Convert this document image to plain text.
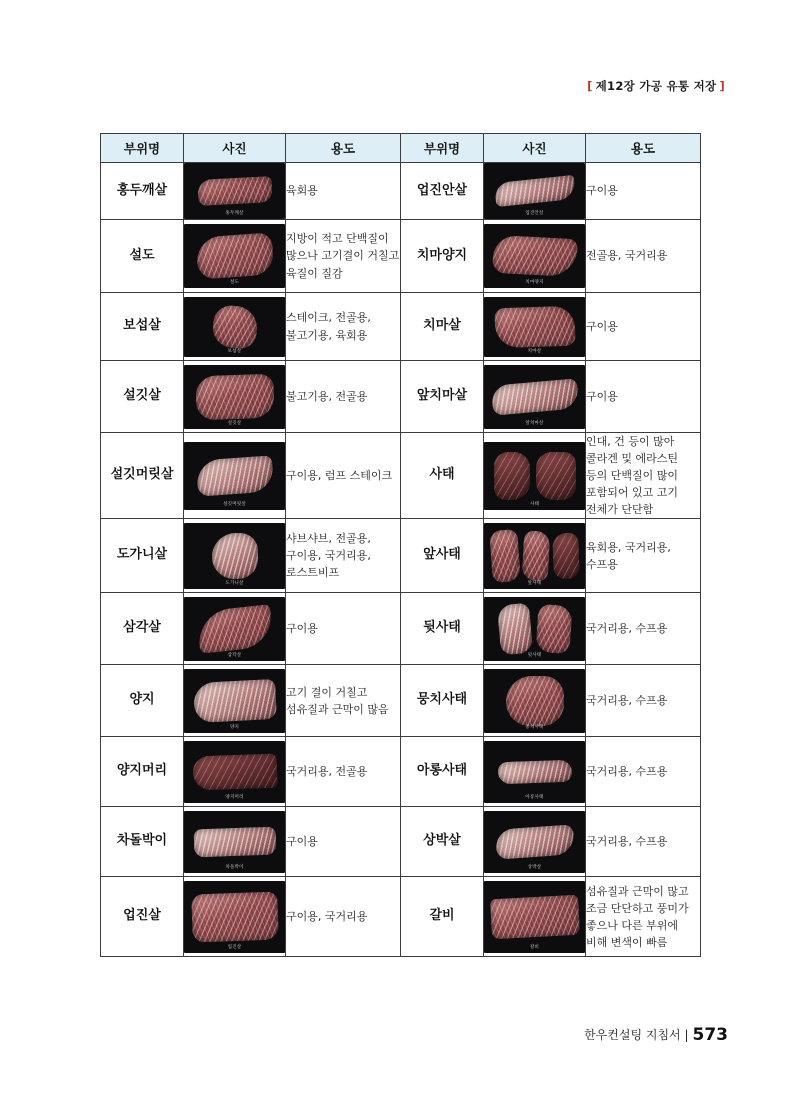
[ 제12장 가공 유통 저장 ]
부위명	사진	용도	부위명	사진	용도
홍두깨살	홍두깨살	육회용	업진안살	업진안살	구이용
설도	설도	지방이 적고 단백질이 많으나 고기결이 거칠고 육질이 질감	치마양지	치마양지	전골용, 국거리용
보섭살	보섭살	스테이크, 전골용, 불고기용, 육회용	치마살	치마살	구이용
설깃살	설깃살	불고기용, 전골용	앞치마살	앞치마살	구이용
설깃머릿살	설깃머릿살	구이용, 럼프 스테이크	사태	사태	인대, 건 등이 많아 콜라겐 및 에라스틴 등의 단백질이 많이 포함되어 있고 고기 전체가 단단함
도가니살	도가니살	샤브샤브, 전골용, 구이용, 국거리용, 로스트비프	앞사태	앞사태	육회용, 국거리용, 수프용
삼각살	삼각살	구이용	뒷사태	뒷사태	국거리용, 수프용
양지	양지	고기 결이 거칠고 섬유질과 근막이 많음	뭉치사태	뭉치사태	국거리용, 수프용
양지머리	양지머리	국거리용, 전골용	아롱사태	아롱사태	국거리용, 수프용
차돌박이	차돌박이	구이용	상박살	상박살	국거리용, 수프용
업진살	업진살	구이용, 국거리용	갈비	갈비	섬유질과 근막이 많고 조금 단단하고 풍미가 좋으나 다른 부위에 비해 변색이 빠름
한우컨설팅 지침서 | 573
